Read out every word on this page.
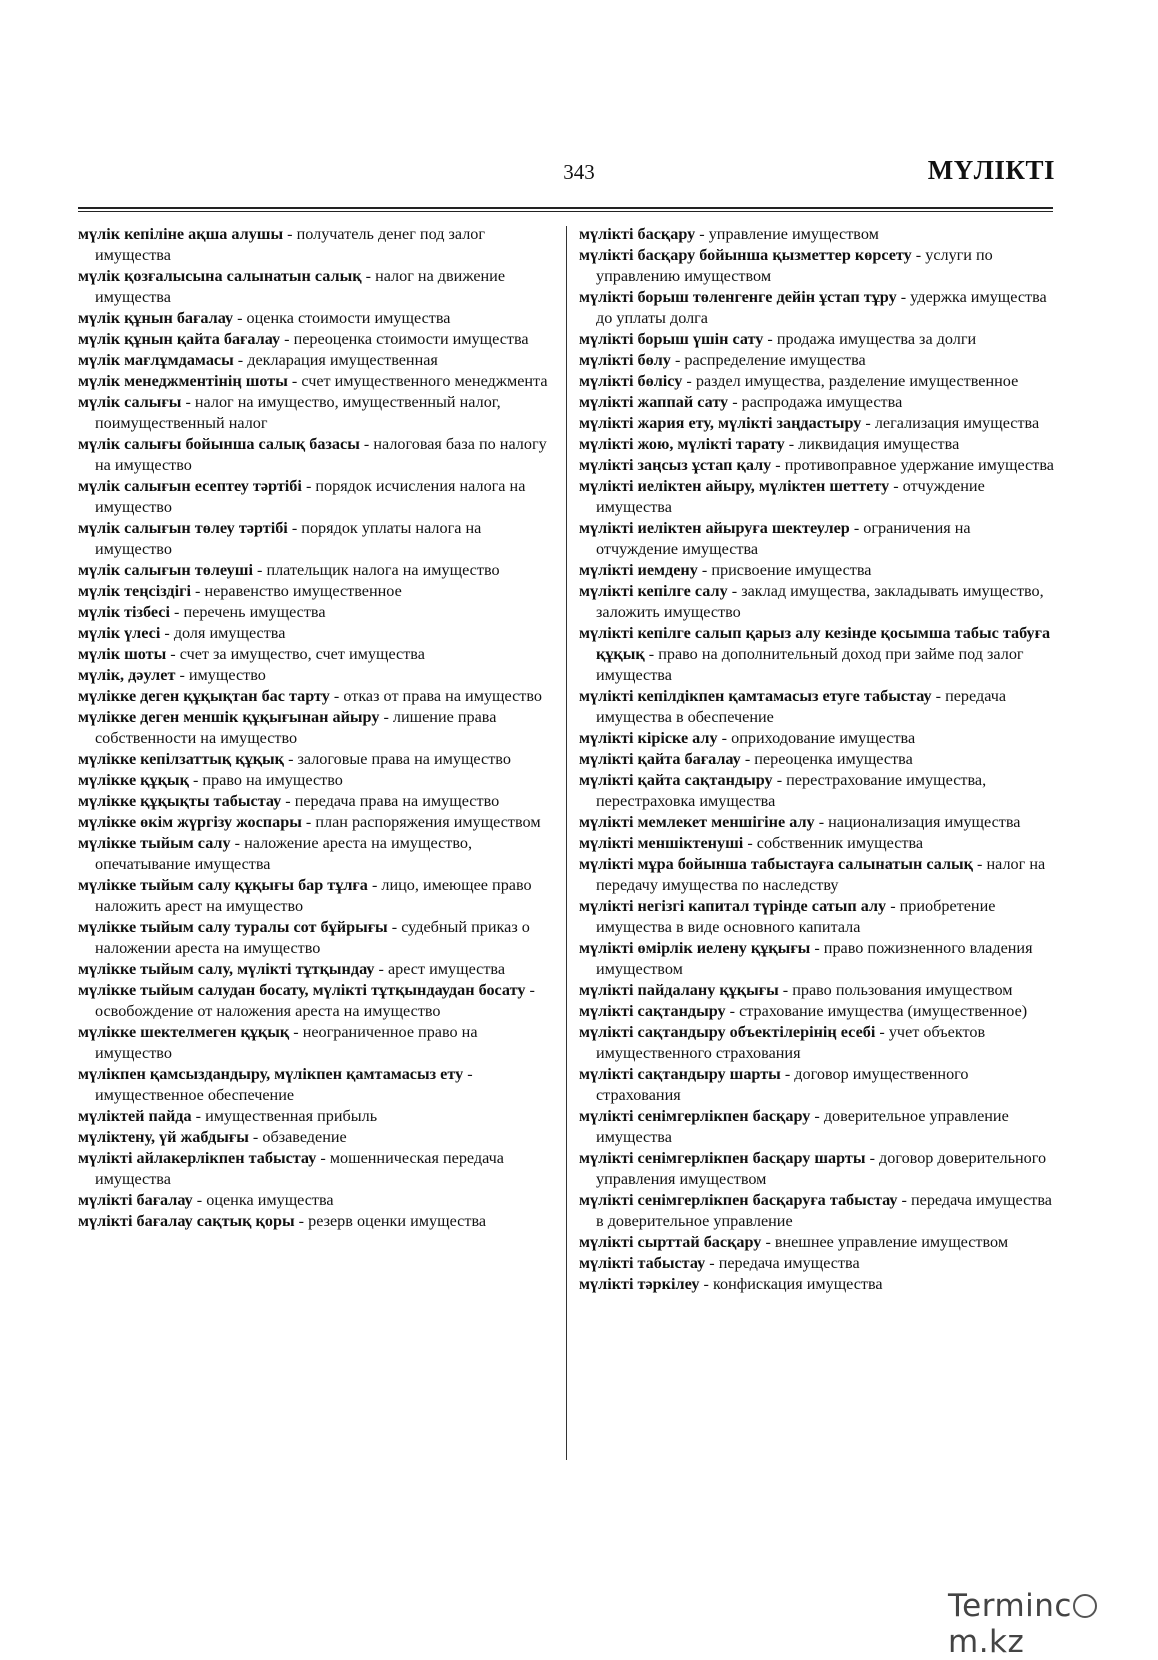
343	МҮЛІКТІ

мүлік кепіліне ақша алушы - получатель денег под залог имущества

мүлік қозғалысына салынатын салық - налог на движение имущества

мүлік құнын бағалау - оценка стоимости имущества

мүлік құнын қайта бағалау - переоценка стоимости имущества

мүлік мағлұмдамасы - декларация имущественная

мүлік менеджментінің шоты - счет имущественного менеджмента

мүлік салығы - налог на имущество, имущественный налог, поимущественный налог

мүлік салығы бойынша салық базасы - налоговая база по налогу на имущество

мүлік салығын есептеу тәртібі - порядок исчисления налога на имущество

мүлік салығын төлеу тәртібі - порядок уплаты налога на имущество

мүлік салығын төлеуші - плательщик налога на имущество

мүлік теңсіздігі - неравенство имущественное

мүлік тізбесі - перечень имущества

мүлік үлесі - доля имущества

мүлік шоты - счет за имущество, счет имущества

мүлік, дәулет - имущество

мүлікке деген құқықтан бас тарту - отказ от права на имущество

мүлікке деген меншік құқығынан айыру - лишение права собственности на имущество

мүлікке кепілзаттық құқық - залоговые права на имущество

мүлікке құқық - право на имущество

мүлікке құқықты табыстау - передача права на имущество

мүлікке өкім жүргізу жоспары - план распоряжения имуществом

мүлікке тыйым салу - наложение ареста на имущество, опечатывание имущества

мүлікке тыйым салу құқығы бар тұлға - лицо, имеющее право наложить арест на имущество

мүлікке тыйым салу туралы сот бұйрығы - судебный приказ о наложении ареста на имущество

мүлікке тыйым салу, мүлікті тұтқындау - арест имущества

мүлікке тыйым салудан босату, мүлікті тұтқындаудан босату - освобождение от наложения ареста на имущество

мүлікке шектелмеген құқық - неограниченное право на имущество

мүлікпен қамсыздандыру, мүлікпен қамтамасыз ету - имущественное обеспечение

мүліктей пайда - имущественная прибыль

мүліктену, үй жабдығы - обзаведение

мүлікті айлакерлікпен табыстау - мошенническая передача имущества

мүлікті бағалау - оценка имущества

мүлікті бағалау сақтық қоры - резерв оценки имущества

мүлікті басқару - управление имуществом

мүлікті басқару бойынша қызметтер көрсету - услуги по управлению имуществом

мүлікті борыш төленгенге дейін ұстап тұру - удержка имущества до уплаты долга

мүлікті борыш үшін сату - продажа имущества за долги

мүлікті бөлу - распределение имущества

мүлікті бөлісу - раздел имущества, разделение имущественное

мүлікті жаппай сату - распродажа имущества

мүлікті жария ету, мүлікті заңдастыру - легализация имущества

мүлікті жою, мүлікті тарату - ликвидация имущества

мүлікті заңсыз ұстап қалу - противоправное удержание имущества

мүлікті иеліктен айыру, мүліктен шеттету - отчуждение имущества

мүлікті иеліктен айыруға шектеулер - ограничения на отчуждение имущества

мүлікті иемдену - присвоение имущества

мүлікті кепілге салу - заклад имущества, закладывать имущество, заложить имущество

мүлікті кепілге салып қарыз алу кезінде қосымша табыс табуға құқық - право на дополнительный доход при займе под залог имущества

мүлікті кепілдікпен қамтамасыз етуге табыстау - передача имущества в обеспечение

мүлікті кіріске алу - оприходование имущества

мүлікті қайта бағалау - переоценка имущества

мүлікті қайта сақтандыру - перестрахование имущества, перестраховка имущества

мүлікті мемлекет меншігіне алу - национализация имущества

мүлікті меншіктенуші - собственник имущества

мүлікті мұра бойынша табыстауға салынатын салық - налог на передачу имущества по наследству

мүлікті негізгі капитал түрінде сатып алу - приобретение имущества в виде основного капитала

мүлікті өмірлік иелену құқығы - право пожизненного владения имуществом

мүлікті пайдалану құқығы - право пользования имуществом

мүлікті сақтандыру - страхование имущества (имущественное)

мүлікті сақтандыру объектілерінің есебі - учет объектов имущественного страхования

мүлікті сақтандыру шарты - договор имущественного страхования

мүлікті сенімгерлікпен басқару - доверительное управление имущества

мүлікті сенімгерлікпен басқару шарты - договор доверительного управления имуществом

мүлікті сенімгерлікпен басқаруға табыстау - передача имущества в доверительное управление

мүлікті сырттай басқару - внешнее управление имуществом

мүлікті табыстау - передача имущества

мүлікті тәркілеу - конфискация имущества

Termincm.kz
